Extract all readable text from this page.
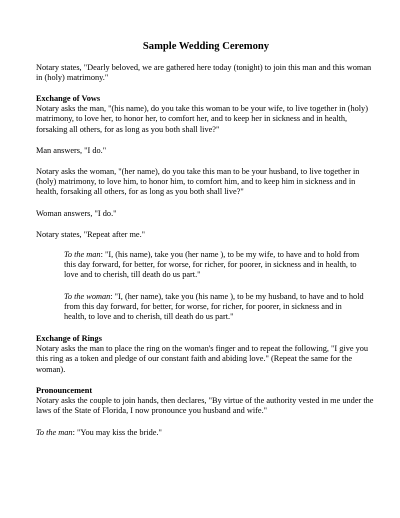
Sample Wedding Ceremony

Notary states, "Dearly beloved, we are gathered here today (tonight) to join this man and this woman in (holy) matrimony."

Exchange of Vows
Notary asks the man, "(his name), do you take this woman to be your wife, to live together in (holy) matrimony, to love her, to honor her, to comfort her, and to keep her in sickness and in health, forsaking all others, for as long as you both shall live?"

Man answers, "I do."

Notary asks the woman, "(her name), do you take this man to be your husband, to live together in (holy) matrimony, to love him, to honor him, to comfort him, and to keep him in sickness and in health, forsaking all others, for as long as you both shall live?"

Woman answers, "I do."

Notary states, "Repeat after me."

To the man: "I, (his name), take you (her name ), to be my wife, to have and to hold from this day forward, for better, for worse, for richer, for poorer, in sickness and in health, to love and to cherish, till death do us part."

To the woman: "I, (her name), take you (his name ), to be my husband, to have and to hold from this day forward, for better, for worse, for richer, for poorer, in sickness and in health, to love and to cherish, till death do us part."

Exchange of Rings
Notary asks the man to place the ring on the woman's finger and to repeat the following, "I give you this ring as a token and pledge of our constant faith and abiding love." (Repeat the same for the woman).

Pronouncement
Notary asks the couple to join hands, then declares, "By virtue of the authority vested in me under the laws of the State of Florida, I now pronounce you husband and wife."

To the man: "You may kiss the bride."
